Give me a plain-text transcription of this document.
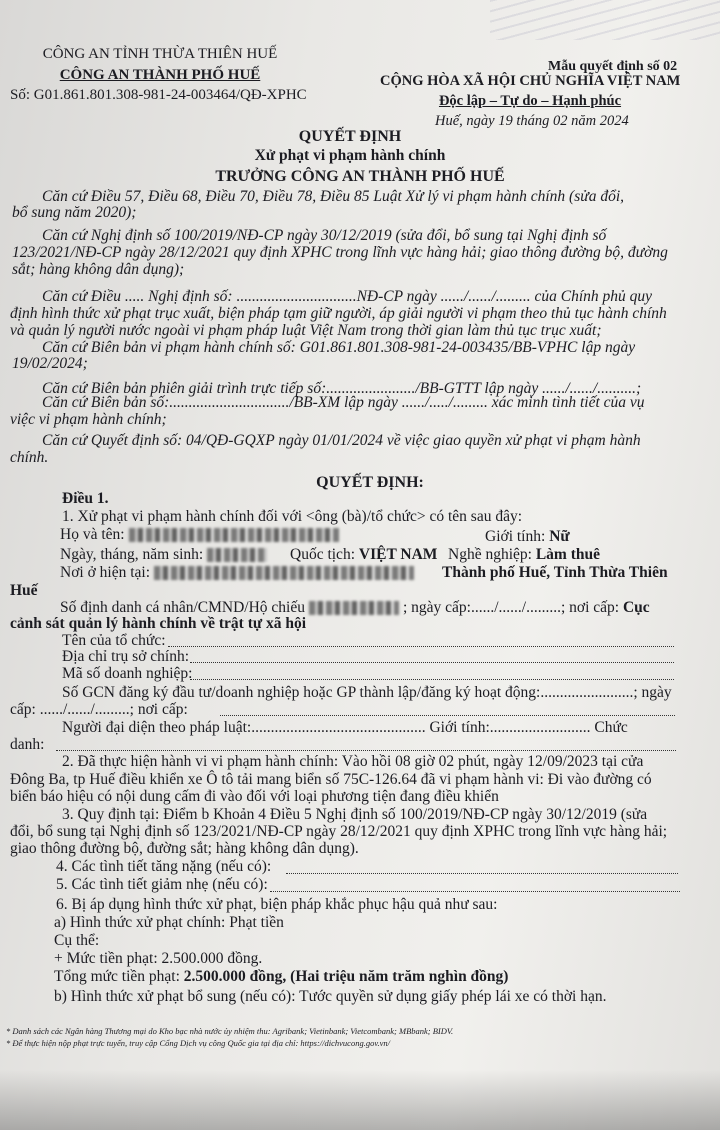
CÔNG AN TỈNH THỪA THIÊN HUẾ
CÔNG AN THÀNH PHỐ HUẾ
Số: G01.861.801.308-981-24-003464/QĐ-XPHC
Mẫu quyết định số 02
CỘNG HÒA XÃ HỘI CHỦ NGHĨA VIỆT NAM
Độc lập – Tự do – Hạnh phúc
Huế, ngày 19 tháng 02 năm 2024
QUYẾT ĐỊNH
Xử phạt vi phạm hành chính
TRƯỞNG CÔNG AN THÀNH PHỐ HUẾ
Căn cứ Điều 57, Điều 68, Điều 70, Điều 78, Điều 85 Luật Xử lý vi phạm hành chính (sửa đổi,
bổ sung năm 2020);
Căn cứ Nghị định số 100/2019/NĐ-CP ngày 30/12/2019 (sửa đổi, bổ sung tại Nghị định số
123/2021/NĐ-CP ngày 28/12/2021 quy định XPHC trong lĩnh vực hàng hải; giao thông đường bộ, đường
sắt; hàng không dân dụng);
Căn cứ Điều ..... Nghị định số: ...............................NĐ-CP ngày ....../....../......... của Chính phủ quy
định hình thức xử phạt trục xuất, biện pháp tạm giữ người, áp giải người vi phạm theo thủ tục hành chính
và quản lý người nước ngoài vi phạm pháp luật Việt Nam trong thời gian làm thủ tục trục xuất;
Căn cứ Biên bản vi phạm hành chính số: G01.861.801.308-981-24-003435/BB-VPHC lập ngày
19/02/2024;
Căn cứ Biên bản phiên giải trình trực tiếp số:......................./BB-GTTT lập ngày ....../....../..........;
Căn cứ Biên bản số:.............................../BB-XM lập ngày ....../...../......... xác minh tình tiết của vụ
việc vi phạm hành chính;
Căn cứ Quyết định số: 04/QĐ-GQXP ngày 01/01/2024 về việc giao quyền xử phạt vi phạm hành
chính.
QUYẾT ĐỊNH:
Điều 1.
1. Xử phạt vi phạm hành chính đối với <ông (bà)/tổ chức> có tên sau đây:
Họ và tên:	Giới tính: Nữ
Ngày, tháng, năm sinh:	Quốc tịch: VIỆT NAM Nghề nghiệp: Làm thuê
Nơi ở hiện tại:	Thành phố Huế, Tỉnh Thừa Thiên
Huế
Số định danh cá nhân/CMND/Hộ chiếu	; ngày cấp:....../....../.........; nơi cấp: Cục
cảnh sát quản lý hành chính về trật tự xã hội
Tên của tổ chức:
Địa chỉ trụ sở chính:
Mã số doanh nghiệp:
Số GCN đăng ký đầu tư/doanh nghiệp hoặc GP thành lập/đăng ký hoạt động:........................; ngày
cấp: ....../....../.........; nơi cấp:
Người đại diện theo pháp luật:............................................. Giới tính:.......................... Chức
danh:
2. Đã thực hiện hành vi vi phạm hành chính: Vào hồi 08 giờ 02 phút, ngày 12/09/2023 tại cửa
Đông Ba, tp Huế điều khiển xe Ô tô tải mang biển số 75C-126.64 đã vi phạm hành vi: Đi vào đường có
biển báo hiệu có nội dung cấm đi vào đối với loại phương tiện đang điều khiển
3. Quy định tại: Điểm b Khoản 4 Điều 5 Nghị định số 100/2019/NĐ-CP ngày 30/12/2019 (sửa
đổi, bổ sung tại Nghị định số 123/2021/NĐ-CP ngày 28/12/2021 quy định XPHC trong lĩnh vực hàng hải;
giao thông đường bộ, đường sắt; hàng không dân dụng).
4. Các tình tiết tăng nặng (nếu có):
5. Các tình tiết giảm nhẹ (nếu có):
6. Bị áp dụng hình thức xử phạt, biện pháp khắc phục hậu quả như sau:
a) Hình thức xử phạt chính: Phạt tiền
Cụ thể:
+ Mức tiền phạt: 2.500.000 đồng.
Tổng mức tiền phạt: 2.500.000 đồng, (Hai triệu năm trăm nghìn đồng)
b) Hình thức xử phạt bổ sung (nếu có): Tước quyền sử dụng giấy phép lái xe có thời hạn.
* Danh sách các Ngân hàng Thương mại do Kho bạc nhà nước ủy nhiệm thu: Agribank; Vietinbank; Vietcombank; MBbank; BIDV.
* Để thực hiện nộp phạt trực tuyến, truy cập Cổng Dịch vụ công Quốc gia tại địa chỉ: https://dichvucong.gov.vn/
